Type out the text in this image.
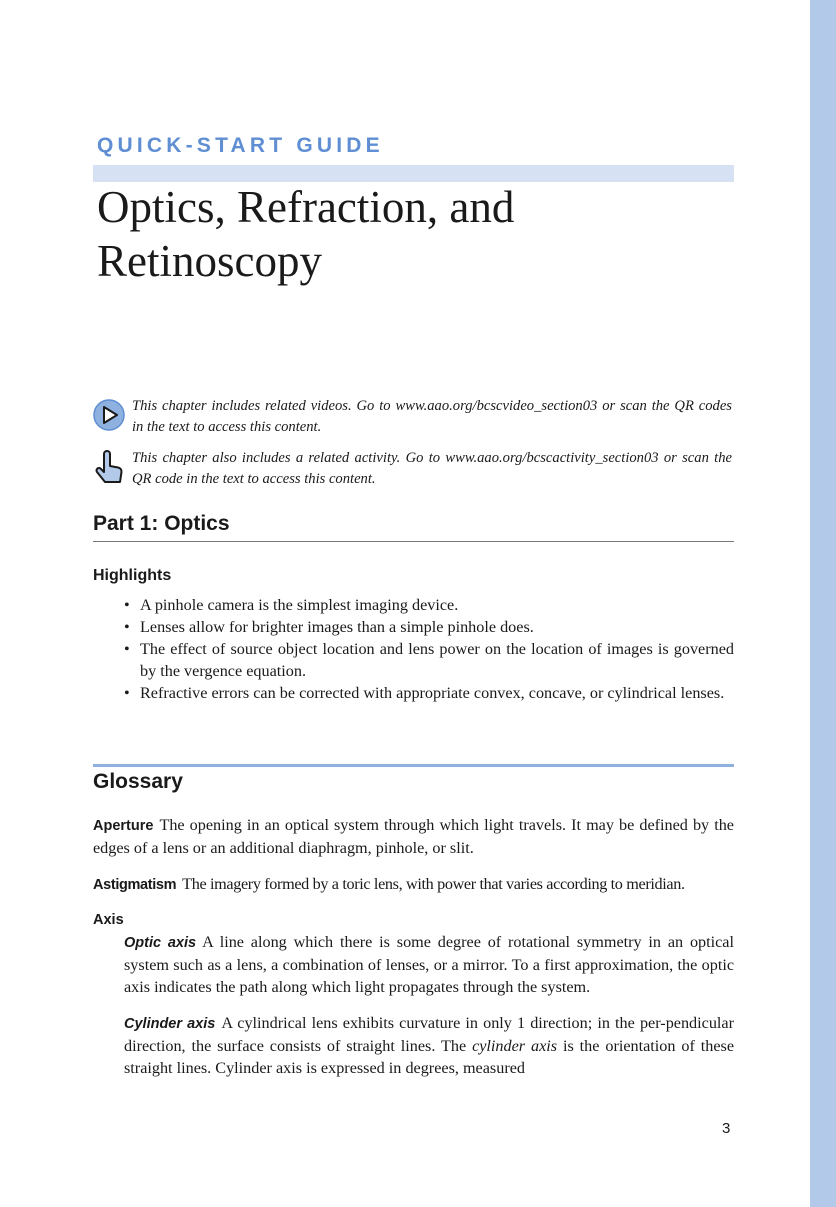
QUICK-START GUIDE
Optics, Refraction, and
Retinoscopy
This chapter includes related videos. Go to www.aao.org/bcscvideo_section03 or scan the QR codes in the text to access this content.
This chapter also includes a related activity. Go to www.aao.org/bcscactivity_section03 or scan the QR code in the text to access this content.
Part 1: Optics
Highlights
• A pinhole camera is the simplest imaging device.
• Lenses allow for brighter images than a simple pinhole does.
• The effect of source object location and lens power on the location of images is governed by the vergence equation.
• Refractive errors can be corrected with appropriate convex, concave, or cylindrical lenses.
Glossary

Aperture The opening in an optical system through which light travels. It may be defined by the edges of a lens or an additional diaphragm, pinhole, or slit.

Astigmatism The imagery formed by a toric lens, with power that varies according to meridian.

Axis

Optic axis A line along which there is some degree of rotational symmetry in an optical system such as a lens, a combination of lenses, or a mirror. To a first approximation, the optic axis indicates the path along which light propagates through the system.

Cylinder axis A cylindrical lens exhibits curvature in only 1 direction; in the per-pendicular direction, the surface consists of straight lines. The cylinder axis is the orientation of these straight lines. Cylinder axis is expressed in degrees, measured

3
